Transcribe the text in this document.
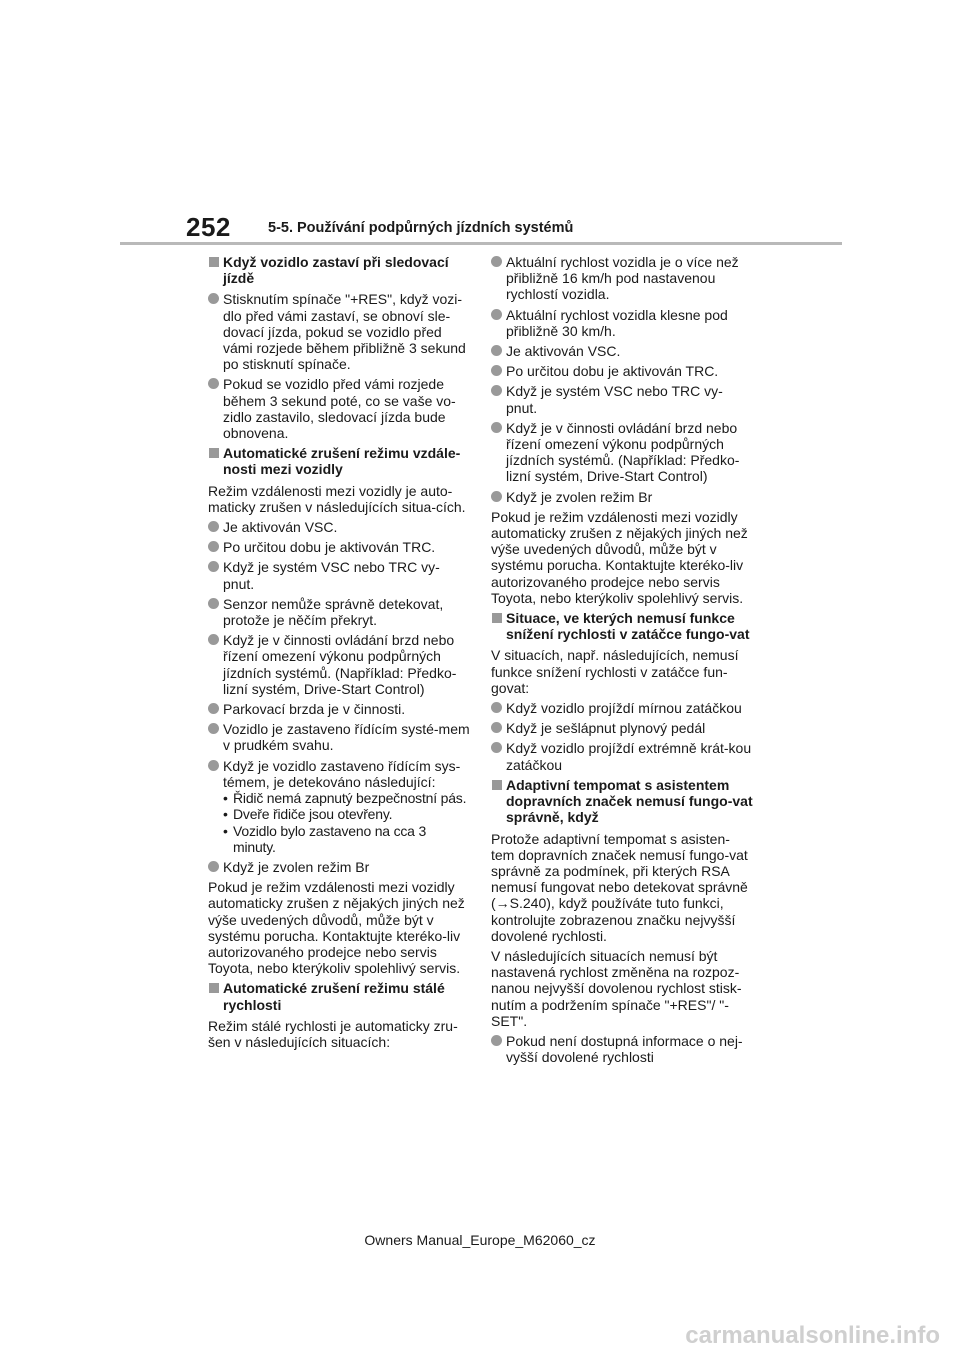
252	5-5. Používání podpůrných jízdních systémů
Když vozidlo zastaví při sledovací jízdě
Stisknutím spínače "+RES", když vozi-dlo před vámi zastaví, se obnoví sle-dovací jízda, pokud se vozidlo před vámi rozjede během přibližně 3 sekund po stisknutí spínače.
Pokud se vozidlo před vámi rozjede během 3 sekund poté, co se vaše vo-zidlo zastavilo, sledovací jízda bude obnovena.
Automatické zrušení režimu vzdále-nosti mezi vozidly
Režim vzdálenosti mezi vozidly je auto-maticky zrušen v následujících situa-cích.
Je aktivován VSC.
Po určitou dobu je aktivován TRC.
Když je systém VSC nebo TRC vy-pnut.
Senzor nemůže správně detekovat, protože je něčím překryt.
Když je v činnosti ovládání brzd nebo řízení omezení výkonu podpůrných jízdních systémů. (Například: Předko-lizní systém, Drive-Start Control)
Parkovací brzda je v činnosti.
Vozidlo je zastaveno řídícím systé-mem v prudkém svahu.
Když je vozidlo zastaveno řídícím sys-témem, je detekováno následující:
• Řidič nemá zapnutý bezpečnostní pás.
• Dveře řidiče jsou otevřeny.
• Vozidlo bylo zastaveno na cca 3 minuty.
Když je zvolen režim Br
Pokud je režim vzdálenosti mezi vozidly automaticky zrušen z nějakých jiných než výše uvedených důvodů, může být v systému porucha. Kontaktujte kteréko-liv autorizovaného prodejce nebo servis Toyota, nebo kterýkoliv spolehlivý servis.
Automatické zrušení režimu stálé rychlosti
Režim stálé rychlosti je automaticky zru-šen v následujících situacích:
Aktuální rychlost vozidla je o více než přibližně 16 km/h pod nastavenou rychlostí vozidla.
Aktuální rychlost vozidla klesne pod přibližně 30 km/h.
Je aktivován VSC.
Po určitou dobu je aktivován TRC.
Když je systém VSC nebo TRC vy-pnut.
Když je v činnosti ovládání brzd nebo řízení omezení výkonu podpůrných jízdních systémů. (Například: Předko-lizní systém, Drive-Start Control)
Když je zvolen režim Br
Pokud je režim vzdálenosti mezi vozidly automaticky zrušen z nějakých jiných než výše uvedených důvodů, může být v systému porucha. Kontaktujte kteréko-liv autorizovaného prodejce nebo servis Toyota, nebo kterýkoliv spolehlivý servis.
Situace, ve kterých nemusí funkce snížení rychlosti v zatáčce fungo-vat
V situacích, např. následujících, nemusí funkce snížení rychlosti v zatáčce fun-govat:
Když vozidlo projíždí mírnou zatáčkou
Když je sešlápnut plynový pedál
Když vozidlo projíždí extrémně krát-kou zatáčkou
Adaptivní tempomat s asistentem dopravních značek nemusí fungo-vat správně, když
Protože adaptivní tempomat s asisten-tem dopravních značek nemusí fungo-vat správně za podmínek, při kterých RSA nemusí fungovat nebo detekovat správně (→S.240), když používáte tuto funkci, kontrolujte zobrazenou značku nejvyšší dovolené rychlosti.
V následujících situacích nemusí být nastavená rychlost změněna na rozpoz-nanou nejvyšší dovolenou rychlost stisk-nutím a podržením spínače "+RES"/ "-SET".
Pokud není dostupná informace o nej-vyšší dovolené rychlosti
Owners Manual_Europe_M62060_cz
carmanualsonline.info
